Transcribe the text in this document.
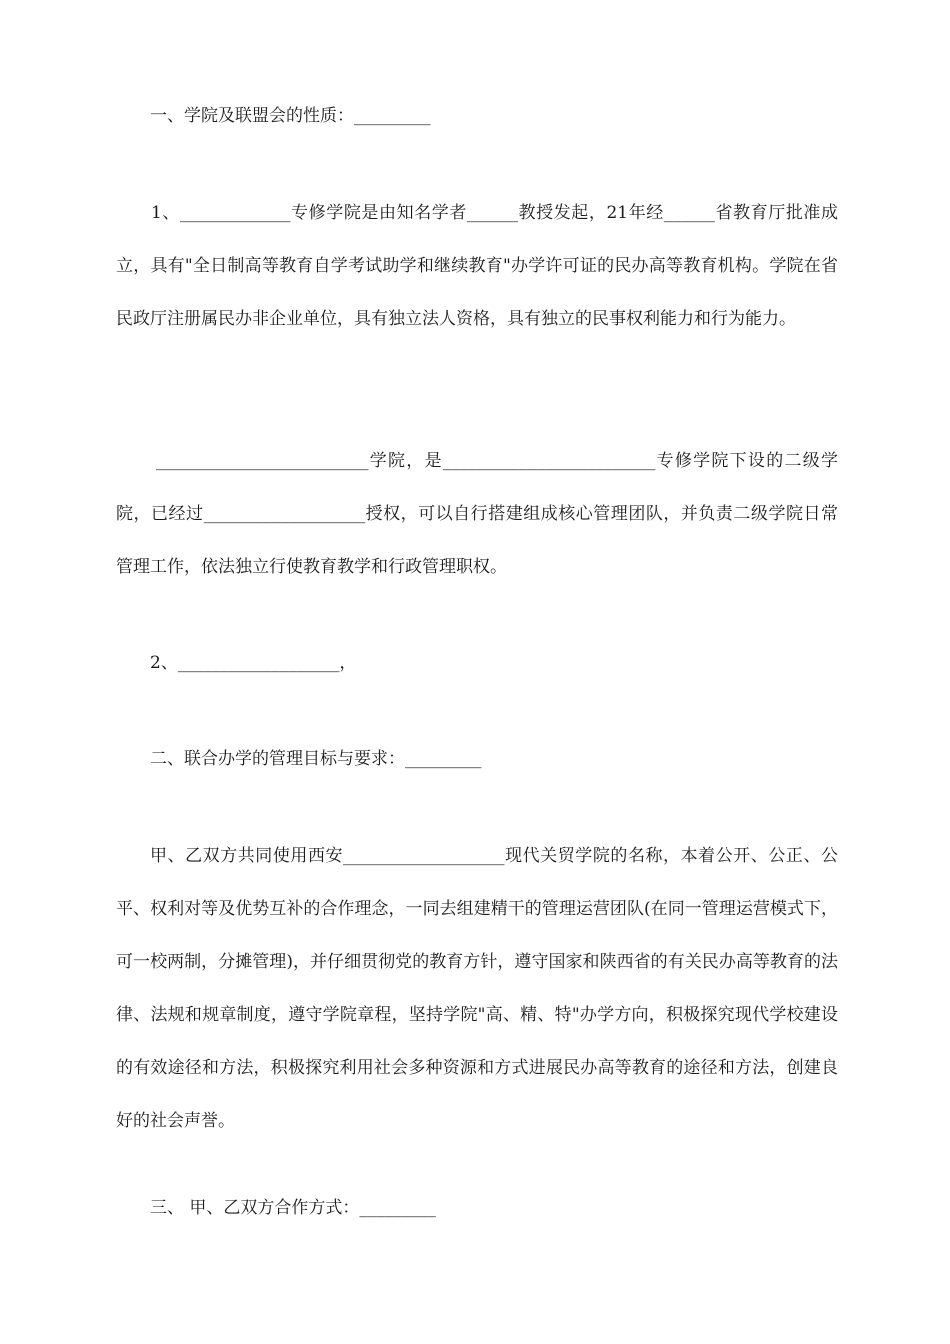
一、学院及联盟会的性质：_________
1、_____________专修学院是由知名学者______教授发起，21年经______省教育厅批准成立，具有"全日制高等教育自学考试助学和继续教育"办学许可证的民办高等教育机构。学院在省民政厅注册属民办非企业单位，具有独立法人资格，具有独立的民事权利能力和行为能力。
_________________________学院，是_________________________专修学院下设的二级学院，已经过___________________授权，可以自行搭建组成核心管理团队，并负责二级学院日常管理工作，依法独立行使教育教学和行政管理职权。
2、___________________，
二、联合办学的管理目标与要求：_________
甲、乙双方共同使用西安___________________现代关贸学院的名称，本着公开、公正、公平、权利对等及优势互补的合作理念，一同去组建精干的管理运营团队(在同一管理运营模式下，可一校两制，分摊管理)，并仔细贯彻党的教育方针，遵守国家和陕西省的有关民办高等教育的法律、法规和规章制度，遵守学院章程，坚持学院"高、精、特"办学方向，积极探究现代学校建设的有效途径和方法，积极探究利用社会多种资源和方式进展民办高等教育的途径和方法，创建良好的社会声誉。
三、 甲、乙双方合作方式：_________
